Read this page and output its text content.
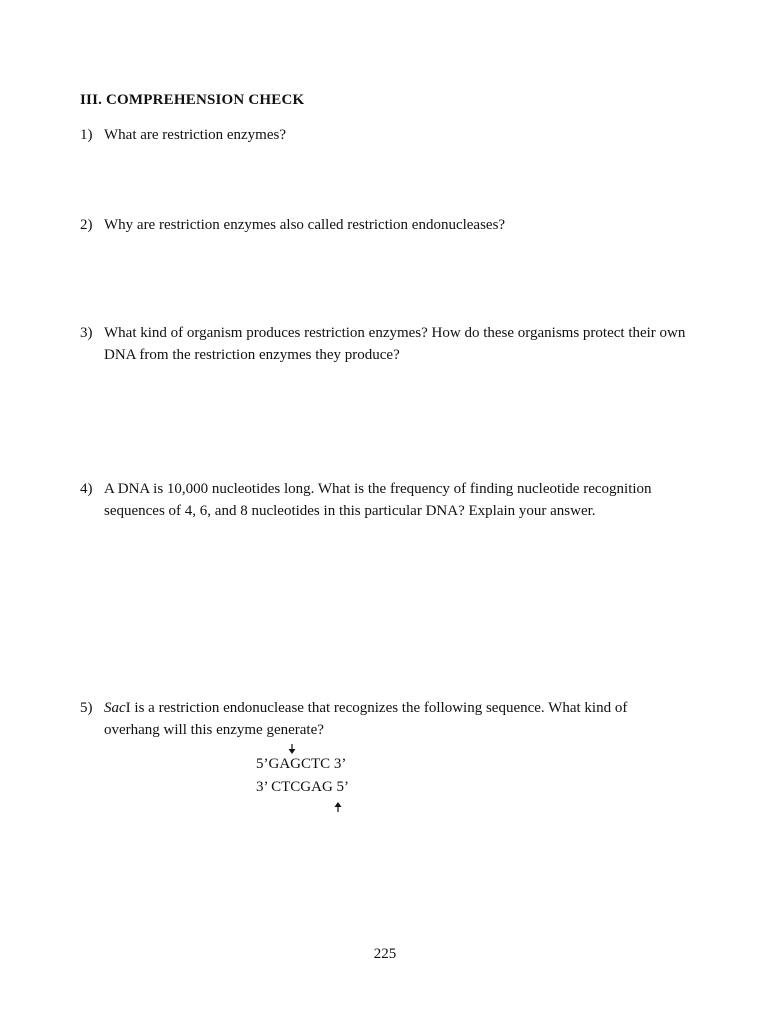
III. COMPREHENSION CHECK
1) What are restriction enzymes?
2) Why are restriction enzymes also called restriction endonucleases?
3) What kind of organism produces restriction enzymes? How do these organisms protect their own DNA from the restriction enzymes they produce?
4) A DNA is 10,000 nucleotides long. What is the frequency of finding nucleotide recognition sequences of 4, 6, and 8 nucleotides in this particular DNA? Explain your answer.
5) SacI is a restriction endonuclease that recognizes the following sequence. What kind of overhang will this enzyme generate?
5’GAGCTC 3’
3’ CTCGAG 5’
225
